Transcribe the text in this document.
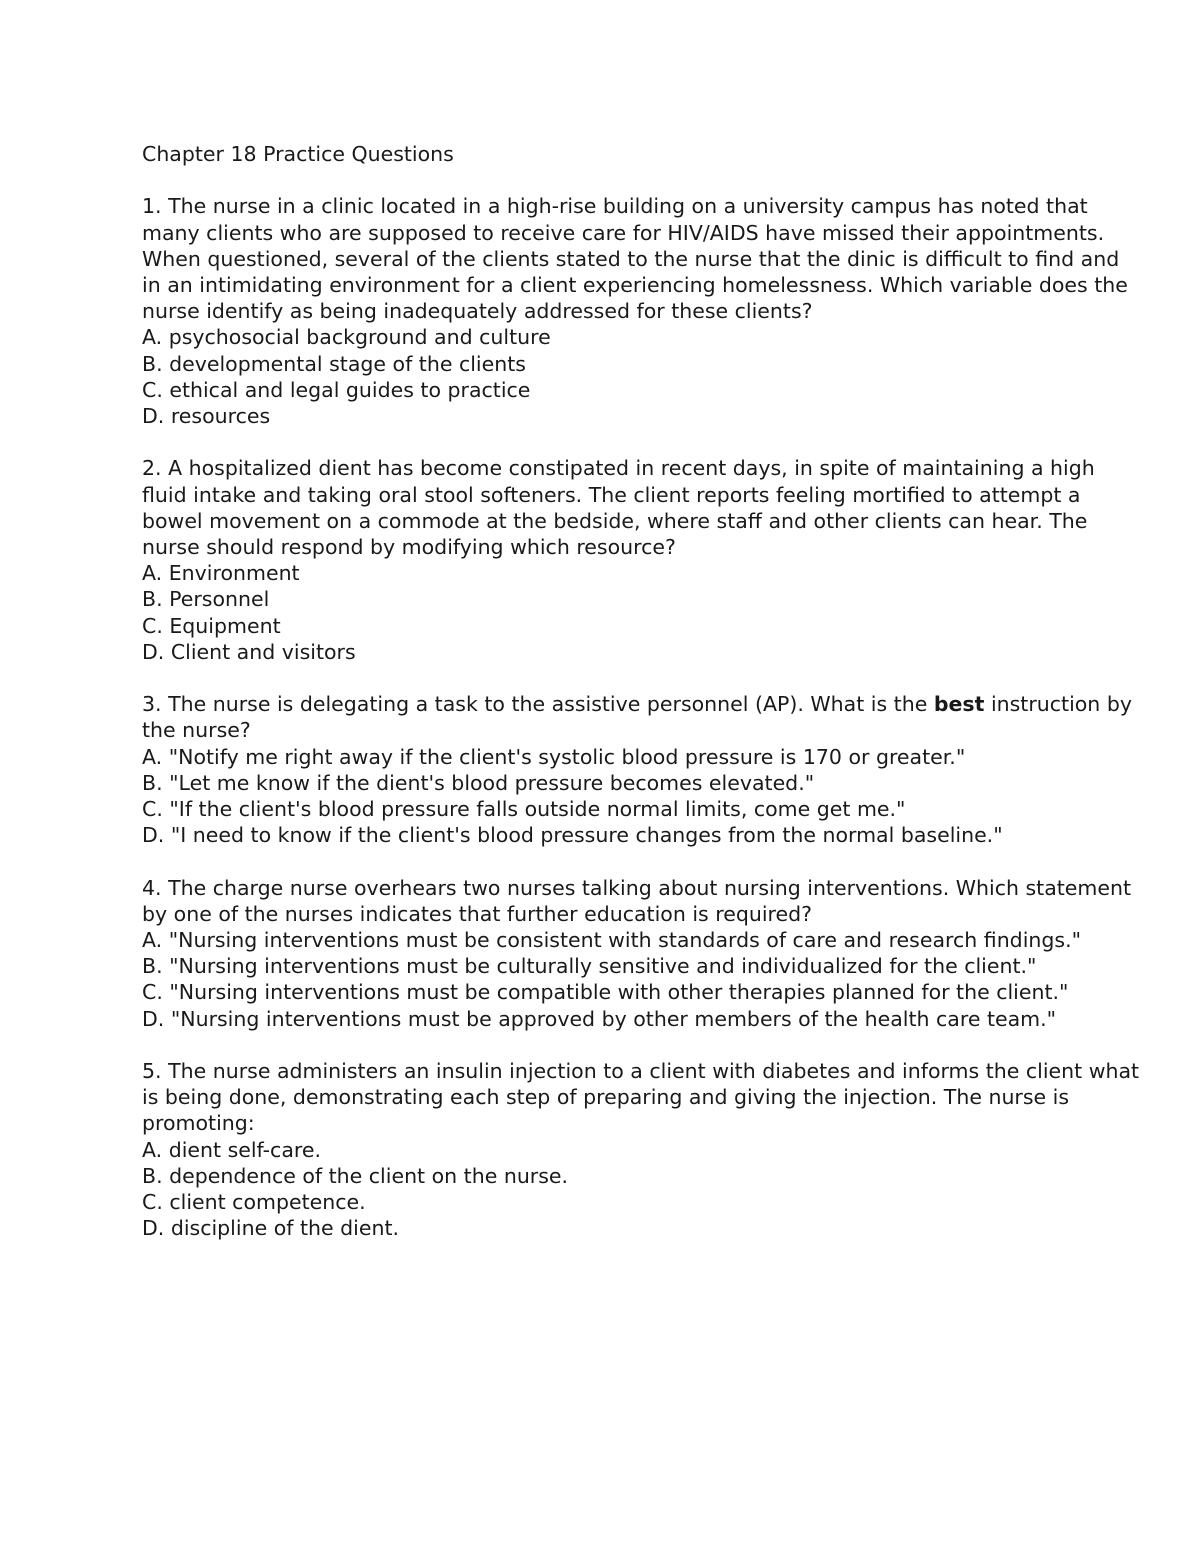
Chapter 18 Practice Questions

1. The nurse in a clinic located in a high-rise building on a university campus has noted that many clients who are supposed to receive care for HIV/AIDS have missed their appointments. When questioned, several of the clients stated to the nurse that the dinic is difficult to find and in an intimidating environment for a client experiencing homelessness. Which variable does the nurse identify as being inadequately addressed for these clients?

A. psychosocial background and culture

B. developmental stage of the clients

C. ethical and legal guides to practice

D. resources

2. A hospitalized dient has become constipated in recent days, in spite of maintaining a high fluid intake and taking oral stool softeners. The client reports feeling mortified to attempt a bowel movement on a commode at the bedside, where staff and other clients can hear. The nurse should respond by modifying which resource?

A. Environment

B. Personnel

C. Equipment

D. Client and visitors

3. The nurse is delegating a task to the assistive personnel (AP). What is the best instruction by the nurse?

A. "Notify me right away if the client's systolic blood pressure is 170 or greater."

B. "Let me know if the dient's blood pressure becomes elevated."

C. "If the client's blood pressure falls outside normal limits, come get me."

D. "I need to know if the client's blood pressure changes from the normal baseline."

4. The charge nurse overhears two nurses talking about nursing interventions. Which statement by one of the nurses indicates that further education is required?

A. "Nursing interventions must be consistent with standards of care and research findings."

B. "Nursing interventions must be culturally sensitive and individualized for the client."

C. "Nursing interventions must be compatible with other therapies planned for the client."

D. "Nursing interventions must be approved by other members of the health care team."

5. The nurse administers an insulin injection to a client with diabetes and informs the client what is being done, demonstrating each step of preparing and giving the injection. The nurse is promoting:

A. dient self-care.

B. dependence of the client on the nurse.

C. client competence.

D. discipline of the dient.
